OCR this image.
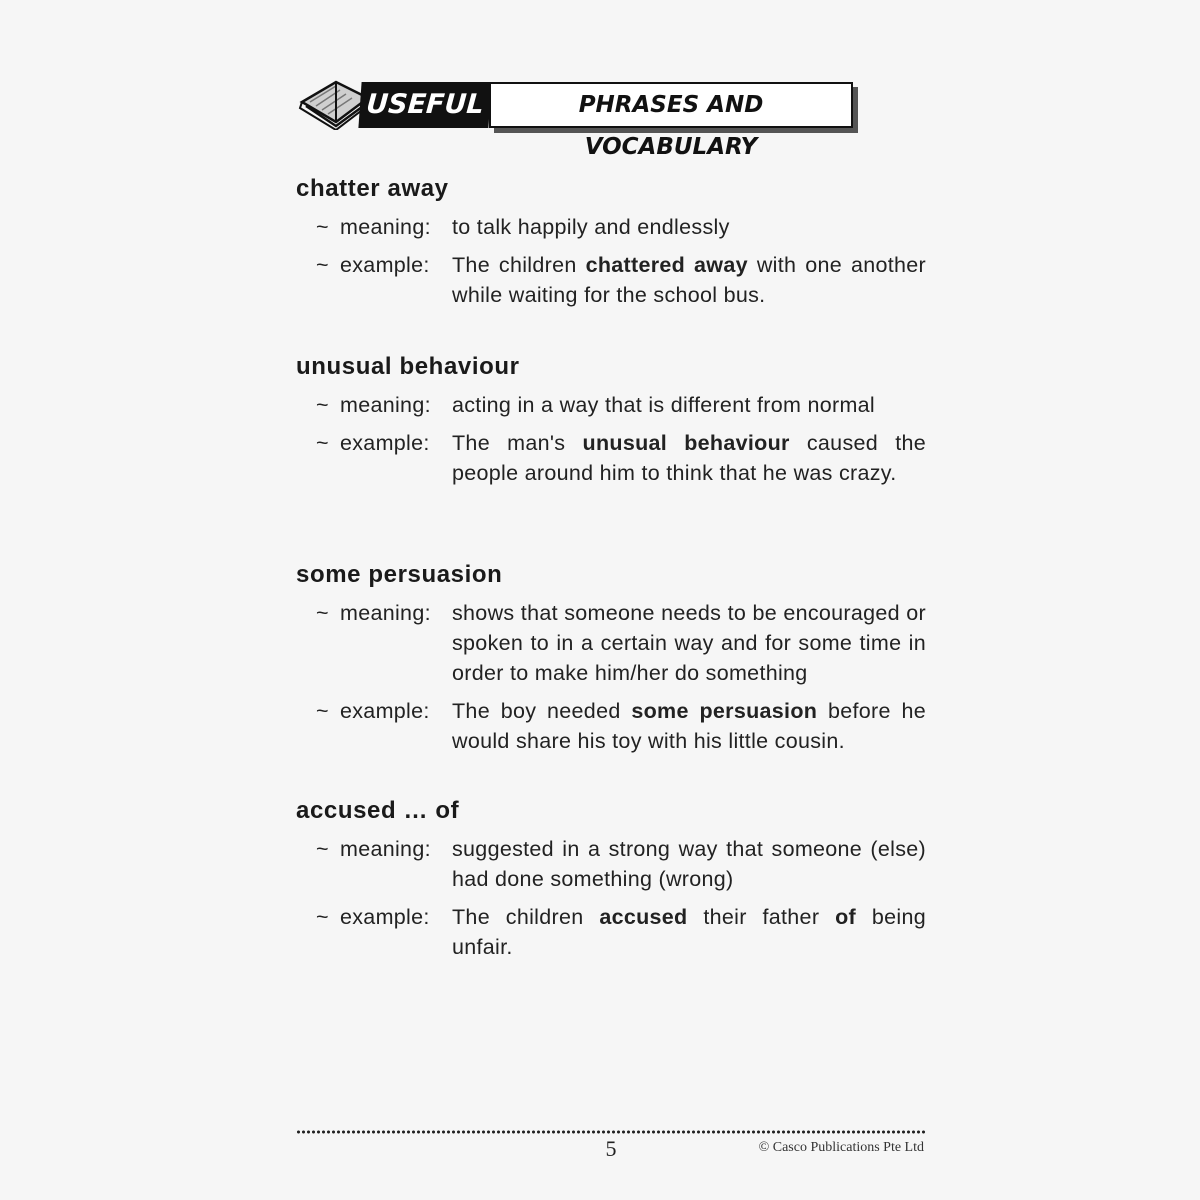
USEFUL	PHRASES AND VOCABULARY

chatter away

~ meaning: to talk happily and endlessly
~ example:	The children chattered away with one another while waiting for the school bus.

unusual behaviour

~ meaning: acting in a way that is different from normal
~ example:	The man's unusual behaviour caused the people around him to think that he was crazy.

some persuasion

~ meaning: shows that someone needs to be encouraged or spoken to in a certain way and for some time in order to make him/her do something
~ example:	The boy needed some persuasion before he would share his toy with his little cousin.

accused … of

~ meaning: suggested in a strong way that someone (else) had done something (wrong)
~ example:	The children accused their father of being unfair.
5	© Casco Publications Pte Ltd
